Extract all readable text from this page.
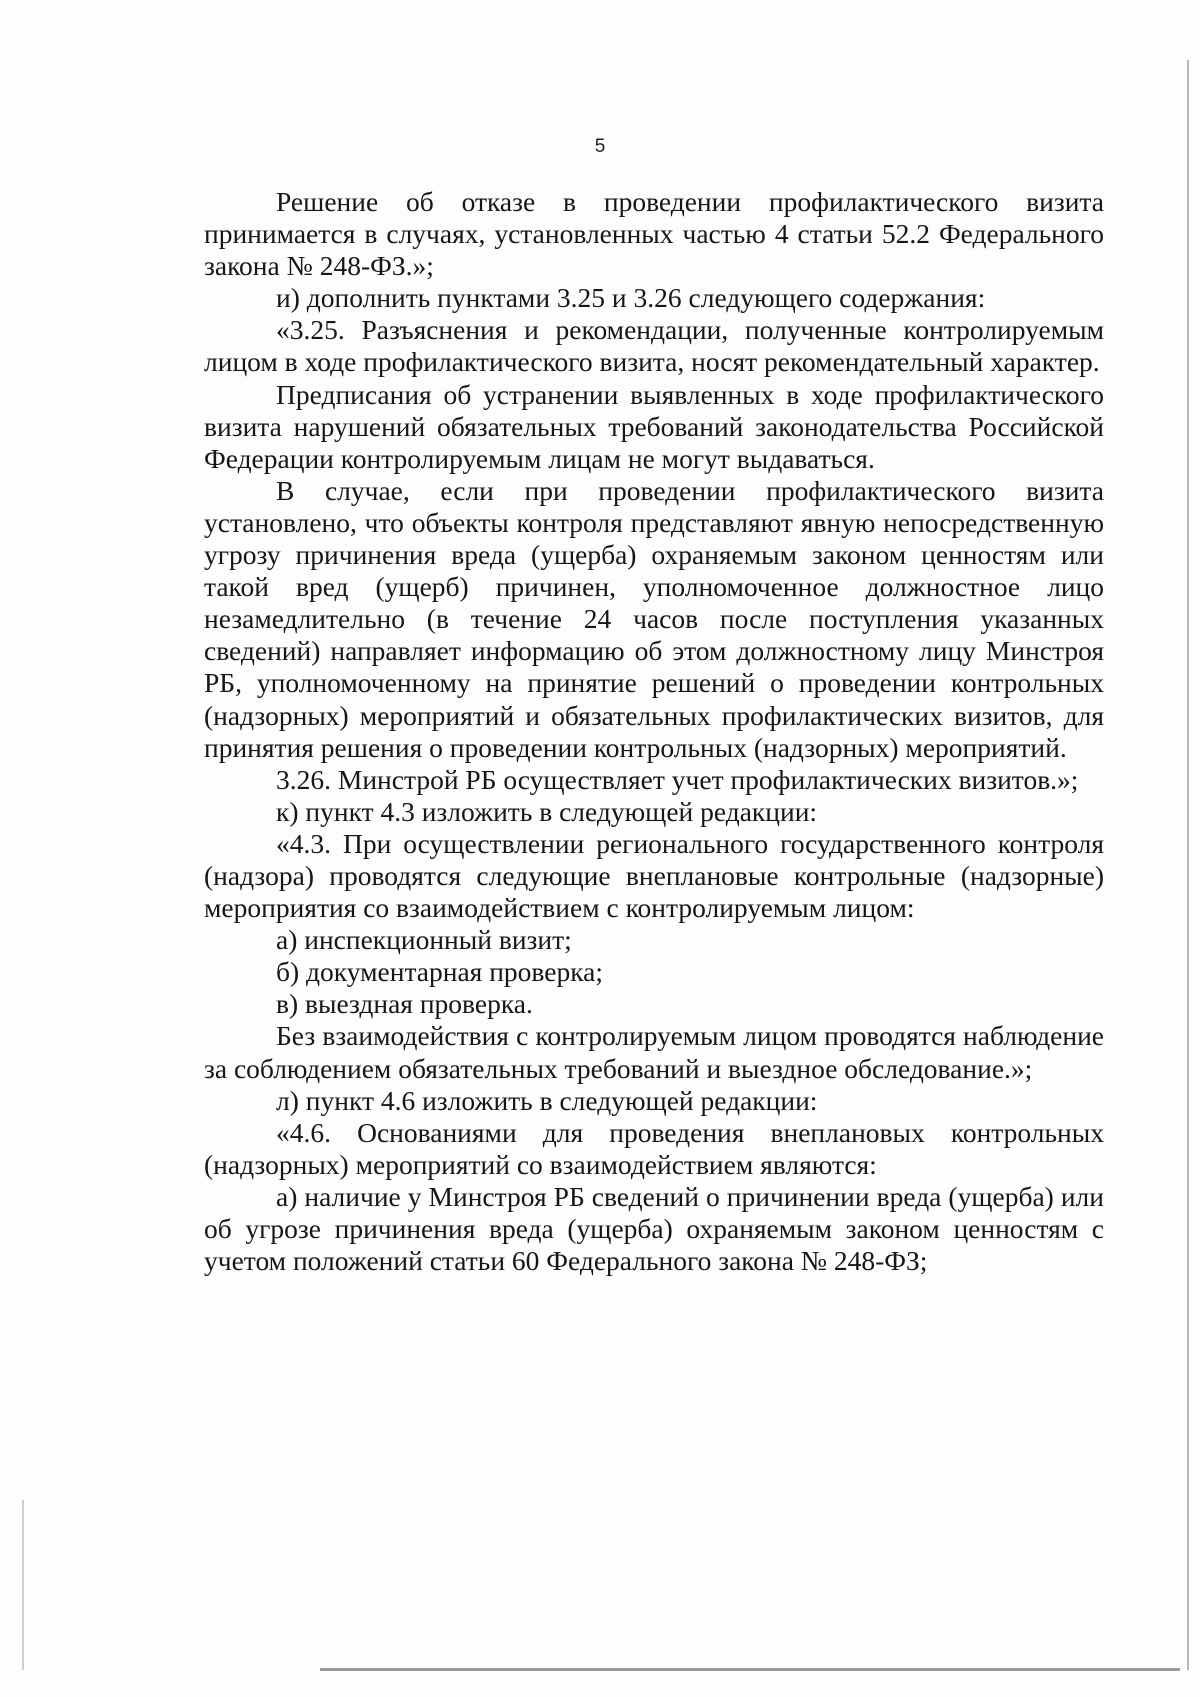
5

Решение об отказе в проведении профилактического визита принимается в случаях, установленных частью 4 статьи 52.2 Федерального закона № 248-ФЗ.»;

и) дополнить пунктами 3.25 и 3.26 следующего содержания:

«3.25. Разъяснения и рекомендации, полученные контролируемым лицом в ходе профилактического визита, носят рекомендательный характер.

Предписания об устранении выявленных в ходе профилактического визита нарушений обязательных требований законодательства Российской Федерации контролируемым лицам не могут выдаваться.

В случае, если при проведении профилактического визита установлено, что объекты контроля представляют явную непосредственную угрозу причинения вреда (ущерба) охраняемым законом ценностям или такой вред (ущерб) причинен, уполномоченное должностное лицо незамедлительно (в течение 24 часов после поступления указанных сведений) направляет информацию об этом должностному лицу Минстроя РБ, уполномоченному на принятие решений о проведении контрольных (надзорных) мероприятий и обязательных профилактических визитов, для принятия решения о проведении контрольных (надзорных) мероприятий.

3.26. Минстрой РБ осуществляет учет профилактических визитов.»;

к) пункт 4.3 изложить в следующей редакции:

«4.3. При осуществлении регионального государственного контроля (надзора) проводятся следующие внеплановые контрольные (надзорные) мероприятия со взаимодействием с контролируемым лицом:

а) инспекционный визит;

б) документарная проверка;

в) выездная проверка.

Без взаимодействия с контролируемым лицом проводятся наблюдение за соблюдением обязательных требований и выездное обследование.»;

л) пункт 4.6 изложить в следующей редакции:

«4.6. Основаниями для проведения внеплановых контрольных (надзорных) мероприятий со взаимодействием являются:

а) наличие у Минстроя РБ сведений о причинении вреда (ущерба) или об угрозе причинения вреда (ущерба) охраняемым законом ценностям с учетом положений статьи 60 Федерального закона № 248-ФЗ;
